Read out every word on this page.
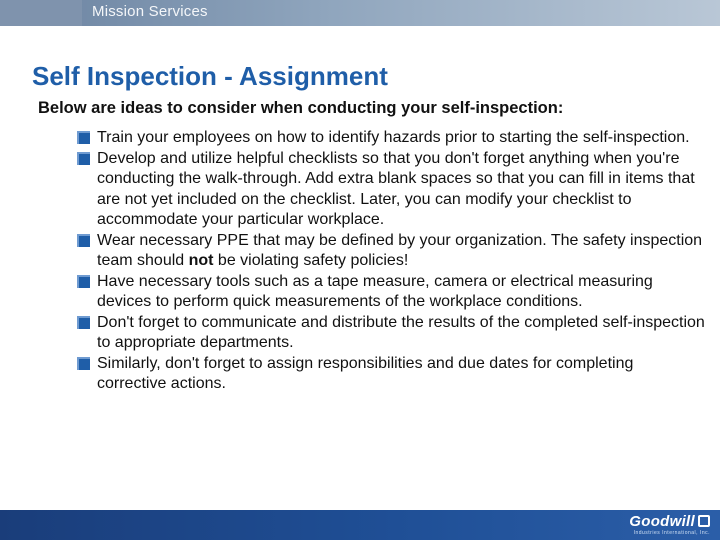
Mission Services
Self Inspection - Assignment
Below are ideas to consider when conducting your self-inspection:
Train your employees on how to identify hazards prior to starting the self-inspection.
Develop and utilize helpful checklists so that you don't forget anything when you're conducting the walk-through. Add extra blank spaces so that you can fill in items that are not yet included on the checklist. Later, you can modify your checklist to accommodate your particular workplace.
Wear necessary PPE that may be defined by your organization. The safety inspection team should not be violating safety policies!
Have necessary tools such as a tape measure, camera or electrical measuring devices to perform quick measurements of the workplace conditions.
Don't forget to communicate and distribute the results of the completed self-inspection to appropriate departments.
Similarly, don't forget to assign responsibilities and due dates for completing corrective actions.
Goodwill
Industries International, Inc.
